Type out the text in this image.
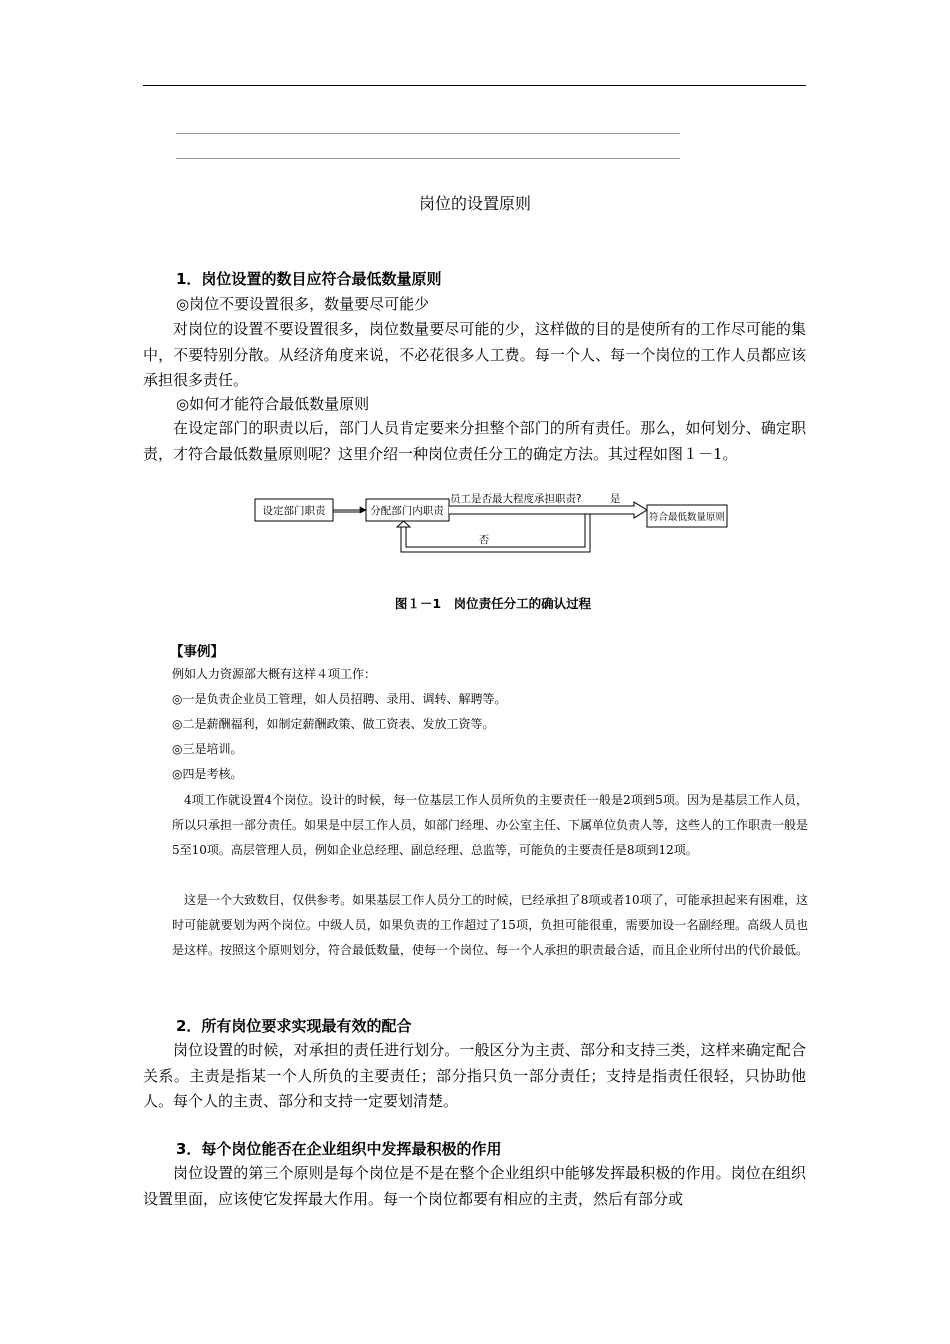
岗位的设置原则
1．岗位设置的数目应符合最低数量原则
◎岗位不要设置很多，数量要尽可能少

对岗位的设置不要设置很多，岗位数量要尽可能的少，这样做的目的是使所有的工作尽可能的集中，不要特别分散。从经济角度来说，不必花很多人工费。每一个人、每一个岗位的工作人员都应该承担很多责任。

◎如何才能符合最低数量原则

在设定部门的职责以后，部门人员肯定要来分担整个部门的所有责任。那么，如何划分、确定职责，才符合最低数量原则呢？这里介绍一种岗位责任分工的确定方法。其过程如图１－1。

设定部门职责	分配部门内职责
员工是否最大程度承担职责?	是
符合最低数量原则
否
图１－1　岗位责任分工的确认过程
【事例】

例如人力资源部大概有这样４项工作：

◎一是负责企业员工管理，如人员招聘、录用、调转、解聘等。

◎二是薪酬福利，如制定薪酬政策、做工资表、发放工资等。

◎三是培训。

◎四是考核。

4项工作就设置4个岗位。设计的时候，每一位基层工作人员所负的主要责任一般是2项到5项。因为是基层工作人员，所以只承担一部分责任。如果是中层工作人员，如部门经理、办公室主任、下属单位负责人等，这些人的工作职责一般是5至10项。高层管理人员，例如企业总经理、副总经理、总监等，可能负的主要责任是8项到12项。

这是一个大致数目，仅供参考。如果基层工作人员分工的时候，已经承担了8项或者10项了，可能承担起来有困难，这时可能就要划为两个岗位。中级人员，如果负责的工作超过了15项，负担可能很重，需要加设一名副经理。高级人员也是这样。按照这个原则划分，符合最低数量，使每一个岗位、每一个人承担的职责最合适，而且企业所付出的代价最低。

2．所有岗位要求实现最有效的配合

岗位设置的时候，对承担的责任进行划分。一般区分为主责、部分和支持三类，这样来确定配合关系。主责是指某一个人所负的主要责任；部分指只负一部分责任；支持是指责任很轻，只协助他人。每个人的主责、部分和支持一定要划清楚。

3．每个岗位能否在企业组织中发挥最积极的作用

岗位设置的第三个原则是每个岗位是不是在整个企业组织中能够发挥最积极的作用。岗位在组织设置里面，应该使它发挥最大作用。每一个岗位都要有相应的主责，然后有部分或
